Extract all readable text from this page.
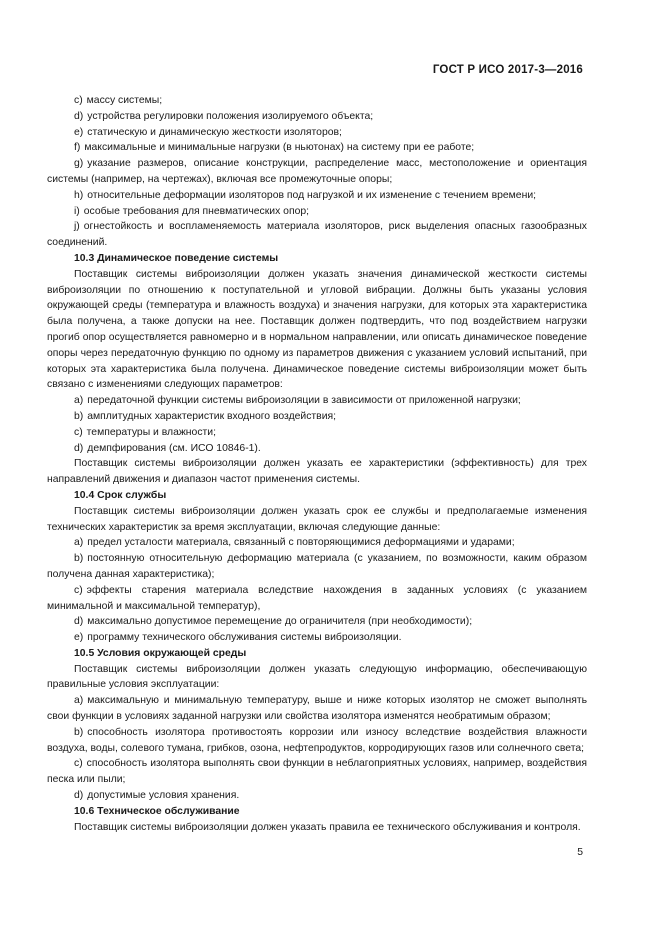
ГОСТ Р ИСО 2017-3—2016

c) массу системы;

d) устройства регулировки положения изолируемого объекта;

e) статическую и динамическую жесткости изоляторов;

f) максимальные и минимальные нагрузки (в ньютонах) на систему при ее работе;

g) указание размеров, описание конструкции, распределение масс, местоположение и ориентация системы (например, на чертежах), включая все промежуточные опоры;

h) относительные деформации изоляторов под нагрузкой и их изменение с течением времени;

i) особые требования для пневматических опор;

j) огнестойкость и воспламеняемость материала изоляторов, риск выделения опасных газообразных соединений.

10.3 Динамическое поведение системы

Поставщик системы виброизоляции должен указать значения динамической жесткости системы виброизоляции по отношению к поступательной и угловой вибрации. Должны быть указаны условия окружающей среды (температура и влажность воздуха) и значения нагрузки, для которых эта характеристика была получена, а также допуски на нее. Поставщик должен подтвердить, что под воздействием нагрузки прогиб опор осуществляется равномерно и в нормальном направлении, или описать динамическое поведение опоры через передаточную функцию по одному из параметров движения с указанием условий испытаний, при которых эта характеристика была получена. Динамическое поведение системы виброизоляции может быть связано с изменениями следующих параметров:

a) передаточной функции системы виброизоляции в зависимости от приложенной нагрузки;

b) амплитудных характеристик входного воздействия;

c) температуры и влажности;

d) демпфирования (см. ИСО 10846-1).

Поставщик системы виброизоляции должен указать ее характеристики (эффективность) для трех направлений движения и диапазон частот применения системы.

10.4 Срок службы

Поставщик системы виброизоляции должен указать срок ее службы и предполагаемые изменения технических характеристик за время эксплуатации, включая следующие данные:

a) предел усталости материала, связанный с повторяющимися деформациями и ударами;

b) постоянную относительную деформацию материала (с указанием, по возможности, каким образом получена данная характеристика);

c) эффекты старения материала вследствие нахождения в заданных условиях (с указанием минимальной и максимальной температур),

d) максимально допустимое перемещение до ограничителя (при необходимости);

e) программу технического обслуживания системы виброизоляции.

10.5 Условия окружающей среды

Поставщик системы виброизоляции должен указать следующую информацию, обеспечивающую правильные условия эксплуатации:

a) максимальную и минимальную температуру, выше и ниже которых изолятор не сможет выполнять свои функции в условиях заданной нагрузки или свойства изолятора изменятся необратимым образом;

b) способность изолятора противостоять коррозии или износу вследствие воздействия влажности воздуха, воды, солевого тумана, грибков, озона, нефтепродуктов, корродирующих газов или солнечного света;

c) способность изолятора выполнять свои функции в неблагоприятных условиях, например, воздействия песка или пыли;

d) допустимые условия хранения.

10.6 Техническое обслуживание

Поставщик системы виброизоляции должен указать правила ее технического обслуживания и контроля.

5
